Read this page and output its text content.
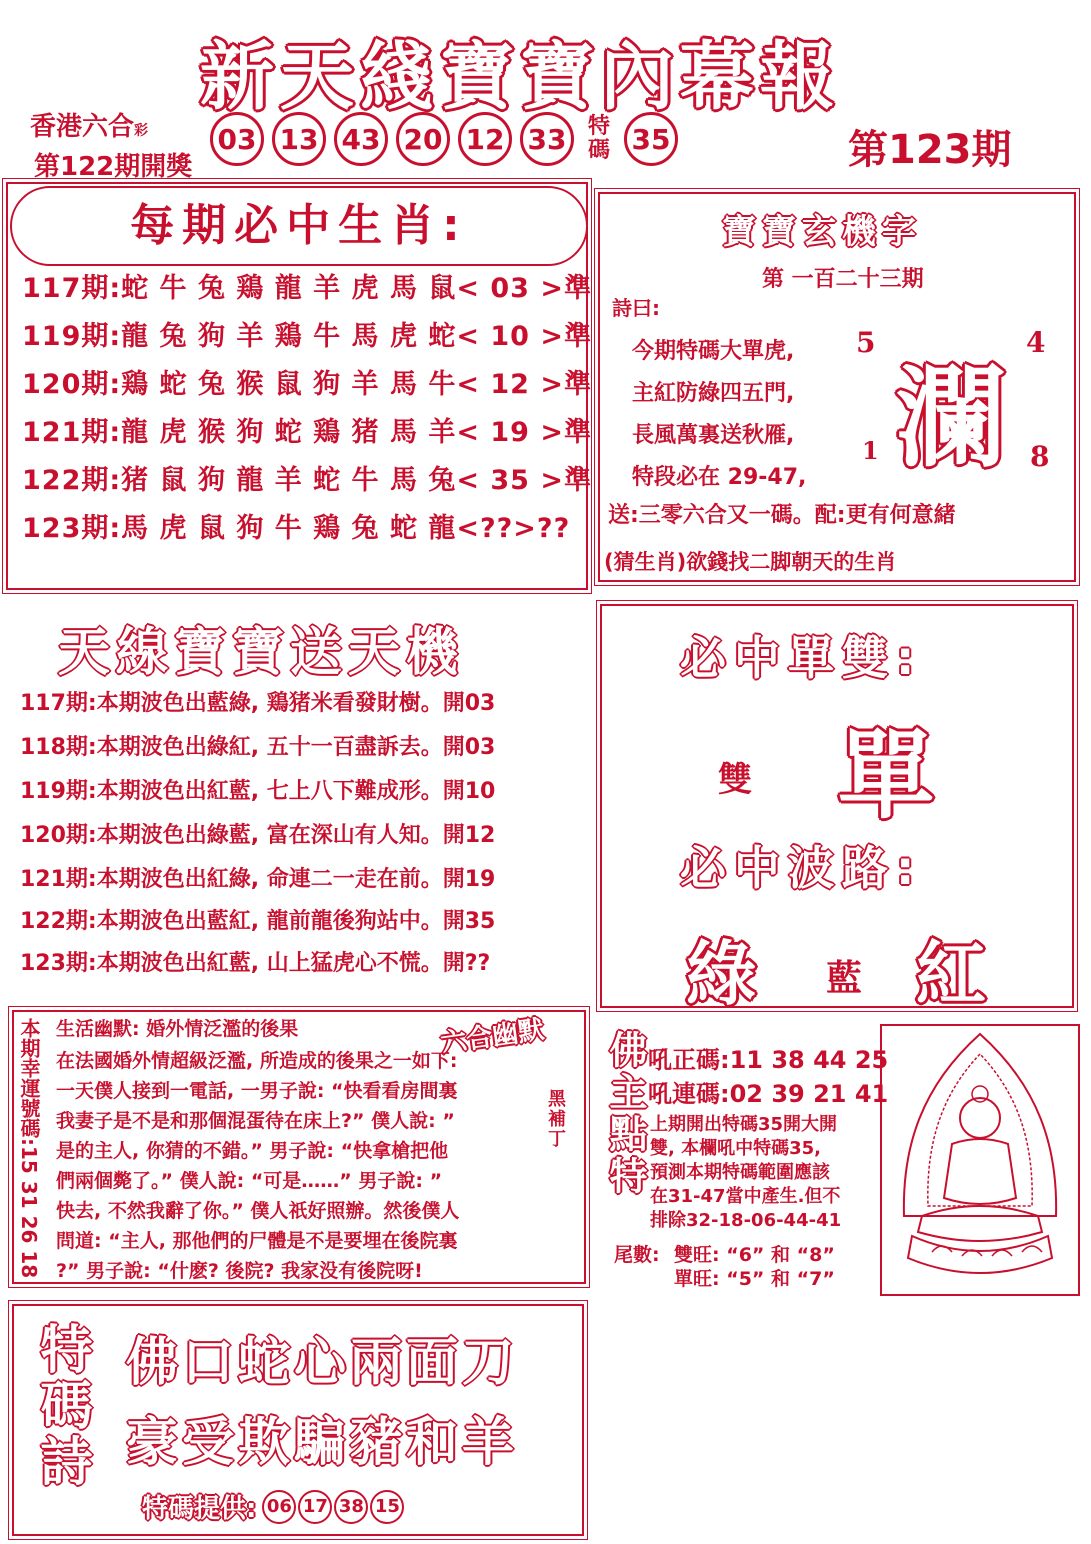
新天綫寶寶內幕報
香港六合彩
第122期開獎
03 13 43 20 12 33 特碼 35	第123期
每期必中生肖:
117期:蛇 牛 兔 鶏 龍 羊 虎 馬 鼠< 03 >準
119期:龍 兔 狗 羊 鶏 牛 馬 虎 蛇< 10 >準
120期:鶏 蛇 兔 猴 鼠 狗 羊 馬 牛< 12 >準
121期:龍 虎 猴 狗 蛇 鶏 猪 馬 羊< 19 >準
122期:猪 鼠 狗 龍 羊 蛇 牛 馬 兔< 35 >準
123期:馬 虎 鼠 狗 牛 鶏 兔 蛇 龍<??>??
寶寶玄機字
第 一百二十三期
詩曰:
今期特碼大單虎,
主紅防綠四五門,
長風萬裏送秋雁,
特段必在 29-47, 瀾
5	4
1	8
送:三零六合又一碼。配:更有何意緒
(猜生肖)欲錢找二脚朝天的生肖
天線寶寶送天機
117期:本期波色出藍綠, 鶏猪米看發財樹。開03
118期:本期波色出綠紅, 五十一百盡訴去。開03
119期:本期波色出紅藍, 七上八下難成形。開10
120期:本期波色出綠藍, 富在深山有人知。開12
121期:本期波色出紅綠, 命連二一走在前。開19
122期:本期波色出藍紅, 龍前龍後狗站中。開35
123期:本期波色出紅藍, 山上猛虎心不慌。開??
必中單雙:
單
雙
必中波路:
綠 藍 紅
本期幸運號碼:15 31 26 18 生活幽默: 婚外情泛濫的後果	六合幽默
黑補丁
在法國婚外情超級泛濫, 所造成的後果之一如下:
一天僕人接到一電話, 一男子說: “快看看房間裏
我妻子是不是和那個混蛋待在床上?” 僕人說: ”
是的主人, 你猜的不錯。” 男子說: “快拿槍把他
們兩個斃了。” 僕人說: “可是……” 男子說: ”
快去, 不然我辭了你。” 僕人祇好照辦。然後僕人
問道: “主人, 那他們的尸體是不是要埋在後院裏
?” 男子說: “什麽? 後院? 我家没有後院呀!
佛主點特 吼正碼:11 38 44 25
吼連碼:02 39 21 41
上期開出特碼35開大開
雙, 本欄吼中特碼35,
預測本期特碼範圍應該
在31-47當中產生.但不
排除32-18-06-44-41
尾數: 雙旺: “6” 和 “8”
單旺: “5” 和 “7”
特碼詩 佛口蛇心兩面刀
豪受欺騙豬和羊
特碼提供: 06 17 38 15
